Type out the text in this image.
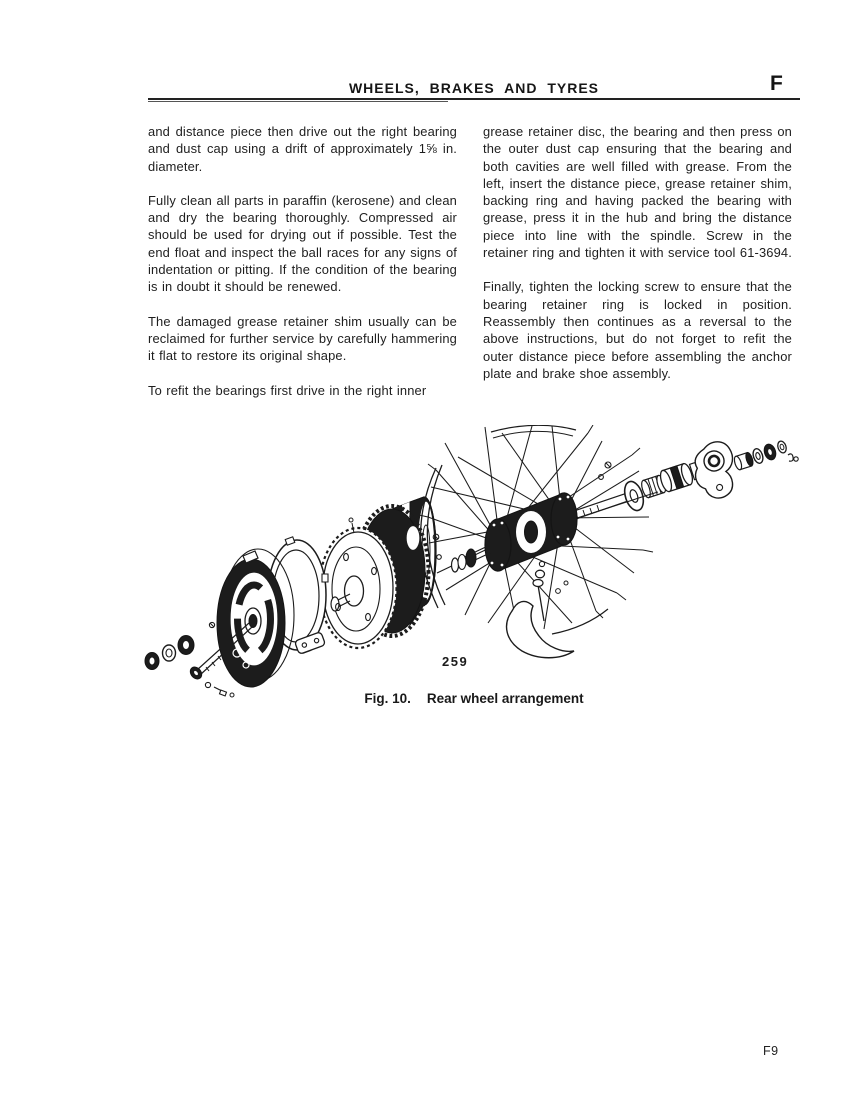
WHEELS, BRAKES AND TYRES	F

and distance piece then drive out the right bearing and dust cap using a drift of approximately 1⅝ in. diameter.

Fully clean all parts in paraffin (kerosene) and clean and dry the bearing thoroughly. Compressed air should be used for drying out if possible. Test the end float and inspect the ball races for any signs of indentation or pitting. If the condition of the bearing is in doubt it should be renewed.

The damaged grease retainer shim usually can be reclaimed for further service by carefully hammering it flat to restore its original shape.

To refit the bearings first drive in the right inner

grease retainer disc, the bearing and then press on the outer dust cap ensuring that the bearing and both cavities are well filled with grease. From the left, insert the distance piece, grease retainer shim, backing ring and having packed the bearing with grease, press it in the hub and bring the distance piece into line with the spindle. Screw in the retainer ring and tighten it with service tool 61-3694.

Finally, tighten the locking screw to ensure that the bearing retainer ring is locked in position. Reassembly then continues as a reversal to the above instructions, but do not forget to refit the outer distance piece before assembling the anchor plate and brake shoe assembly.

259
Fig. 10. Rear wheel arrangement
F9
